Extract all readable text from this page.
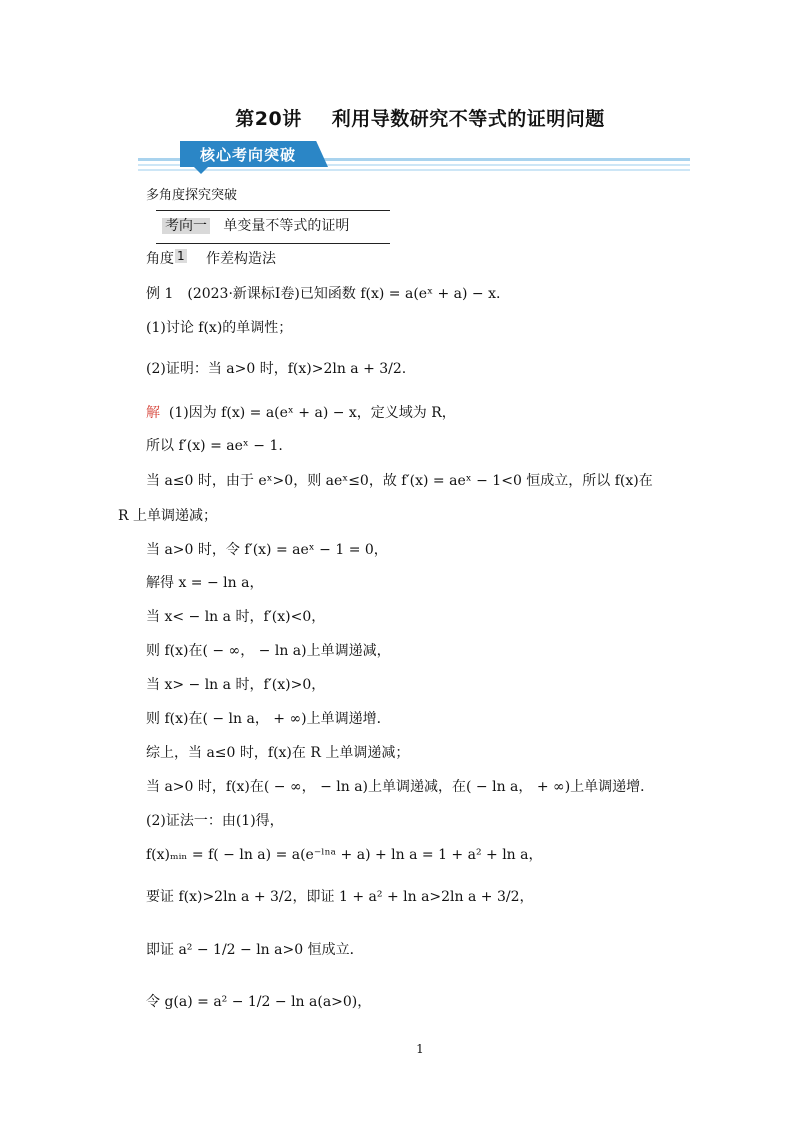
第20讲 利用导数研究不等式的证明问题
核心考向突破
多角度探究突破
考向一 单变量不等式的证明
角度 1 作差构造法
例 1　(2023·新课标Ⅰ卷)已知函数 f(x) = a(eˣ + a) − x.
(1)讨论 f(x)的单调性；
(2)证明：当 a>0 时，f(x)>2ln a + 3/2.
解 (1)因为 f(x) = a(eˣ + a) − x，定义域为 R，
所以 f′(x) = aeˣ − 1.
当 a≤0 时，由于 eˣ>0，则 aeˣ≤0，故 f′(x) = aeˣ − 1<0 恒成立，所以 f(x)在
R 上单调递减；
当 a>0 时，令 f′(x) = aeˣ − 1 = 0，
解得 x = − ln a，
当 x< − ln a 时，f′(x)<0，
则 f(x)在( − ∞， − ln a)上单调递减，
当 x> − ln a 时，f′(x)>0，
则 f(x)在( − ln a， + ∞)上单调递增．
综上，当 a≤0 时，f(x)在 R 上单调递减；
当 a>0 时，f(x)在( − ∞， − ln a)上单调递减，在( − ln a， + ∞)上单调递增．
(2)证法一：由(1)得，
f(x)ₘᵢₙ = f( − ln a) = a(e⁻ˡⁿᵃ + a) + ln a = 1 + a² + ln a，
要证 f(x)>2ln a + 3/2，即证 1 + a² + ln a>2ln a + 3/2，
即证 a² − 1/2 − ln a>0 恒成立．
令 g(a) = a² − 1/2 − ln a(a>0)，
1
